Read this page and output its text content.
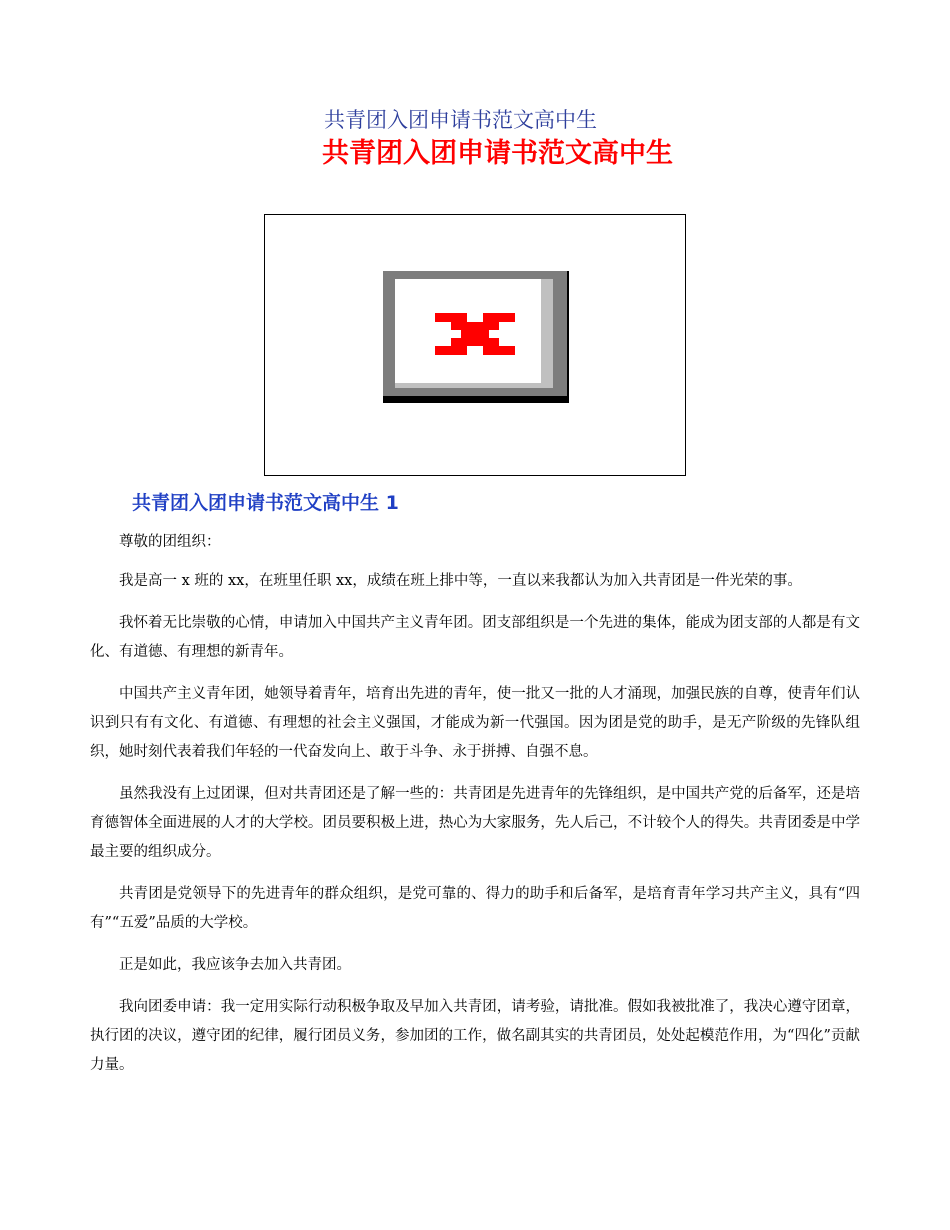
共青团入团申请书范文高中生
共青团入团申请书范文高中生
共青团入团申请书范文高中生 1

尊敬的团组织：

我是高一 x 班的 xx，在班里任职 xx，成绩在班上排中等，一直以来我都认为加入共青团是一件光荣的事。

我怀着无比崇敬的心情，申请加入中国共产主义青年团。团支部组织是一个先进的集体，能成为团支部的人都是有文化、有道德、有理想的新青年。

中国共产主义青年团，她领导着青年，培育出先进的青年，使一批又一批的人才涌现，加强民族的自尊，使青年们认识到只有有文化、有道德、有理想的社会主义强国，才能成为新一代强国。因为团是党的助手，是无产阶级的先锋队组织，她时刻代表着我们年轻的一代奋发向上、敢于斗争、永于拼搏、自强不息。

虽然我没有上过团课，但对共青团还是了解一些的：共青团是先进青年的先锋组织，是中国共产党的后备军，还是培育德智体全面进展的人才的大学校。团员要积极上进，热心为大家服务，先人后己，不计较个人的得失。共青团委是中学最主要的组织成分。

共青团是党领导下的先进青年的群众组织，是党可靠的、得力的助手和后备军，是培育青年学习共产主义，具有“四有”“五爱”品质的大学校。

正是如此，我应该争去加入共青团。

我向团委申请：我一定用实际行动积极争取及早加入共青团，请考验，请批准。假如我被批准了，我决心遵守团章，执行团的决议，遵守团的纪律，履行团员义务，参加团的工作，做名副其实的共青团员，处处起模范作用，为“四化”贡献力量。
